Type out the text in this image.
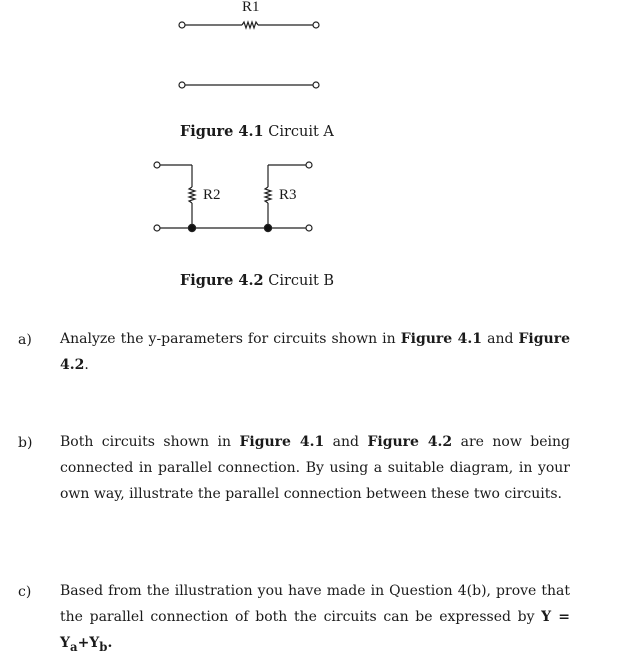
R1
Figure 4.1 Circuit A
R2	R3
Figure 4.2 Circuit B
a) Analyze the y-parameters for circuits shown in Figure 4.1 and Figure 4.2.
b) Both circuits shown in Figure 4.1 and Figure 4.2 are now being connected in parallel connection. By using a suitable diagram, in your own way, illustrate the parallel connection between these two circuits.
c) Based from the illustration you have made in Question 4(b), prove that the parallel connection of both the circuits can be expressed by $Y = Y_a+Y_b$.
